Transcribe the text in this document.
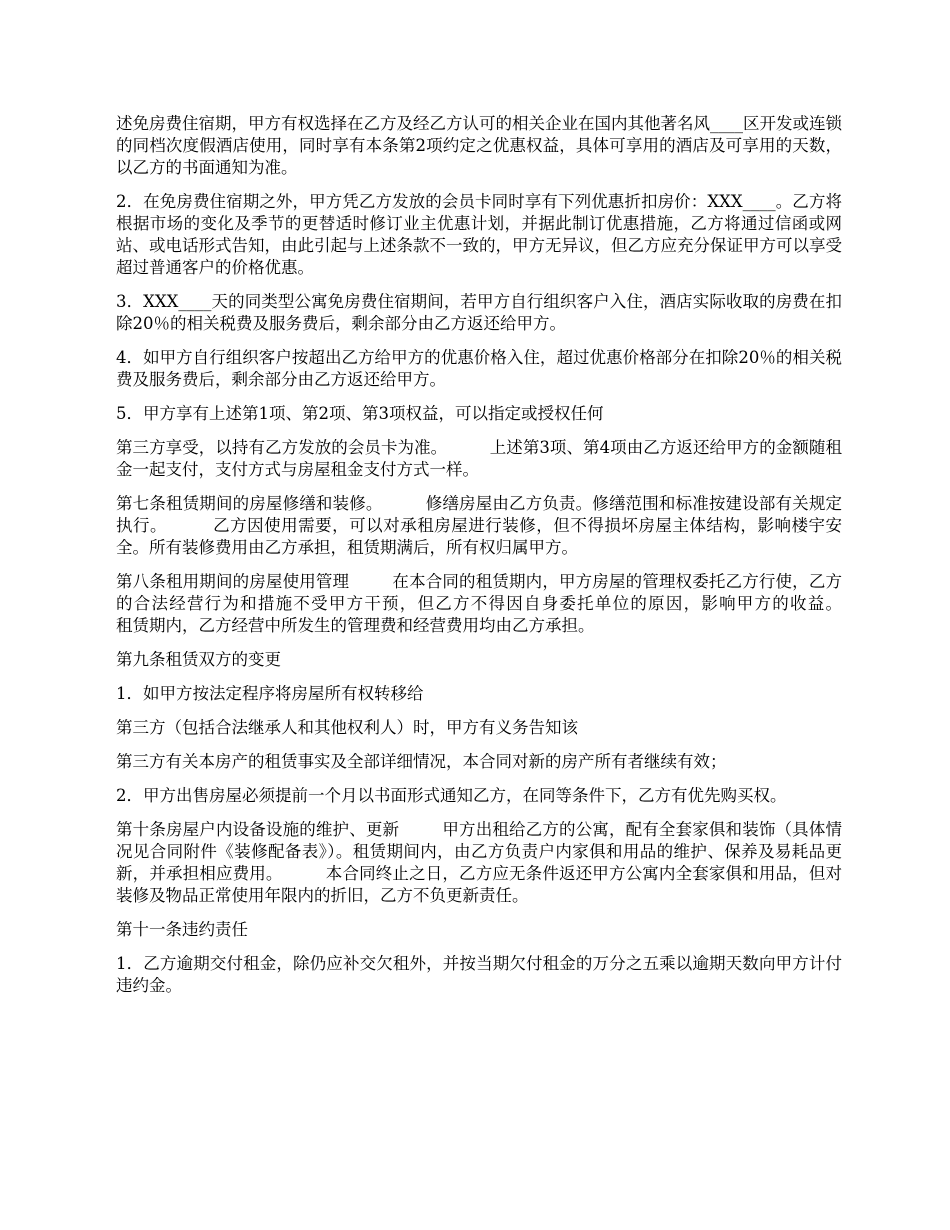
述免房费住宿期，甲方有权选择在乙方及经乙方认可的相关企业在国内其他著名风____区开发或连锁的同档次度假酒店使用，同时享有本条第2项约定之优惠权益，具体可享用的酒店及可享用的天数，以乙方的书面通知为准。

2．在免房费住宿期之外，甲方凭乙方发放的会员卡同时享有下列优惠折扣房价：XXX____。乙方将根据市场的变化及季节的更替适时修订业主优惠计划，并据此制订优惠措施，乙方将通过信函或网站、或电话形式告知，由此引起与上述条款不一致的，甲方无异议，但乙方应充分保证甲方可以享受超过普通客户的价格优惠。

3．XXX____天的同类型公寓免房费住宿期间，若甲方自行组织客户入住，酒店实际收取的房费在扣除20％的相关税费及服务费后，剩余部分由乙方返还给甲方。

4．如甲方自行组织客户按超出乙方给甲方的优惠价格入住，超过优惠价格部分在扣除20％的相关税费及服务费后，剩余部分由乙方返还给甲方。

5．甲方享有上述第1项、第2项、第3项权益，可以指定或授权任何

第三方享受，以持有乙方发放的会员卡为准。        上述第3项、第4项由乙方返还给甲方的金额随租金一起支付，支付方式与房屋租金支付方式一样。

第七条租赁期间的房屋修缮和装修。        修缮房屋由乙方负责。修缮范围和标准按建设部有关规定执行。        乙方因使用需要，可以对承租房屋进行装修，但不得损坏房屋主体结构，影响楼宇安全。所有装修费用由乙方承担，租赁期满后，所有权归属甲方。

第八条租用期间的房屋使用管理        在本合同的租赁期内，甲方房屋的管理权委托乙方行使，乙方的合法经营行为和措施不受甲方干预，但乙方不得因自身委托单位的原因，影响甲方的收益。        租赁期内，乙方经营中所发生的管理费和经营费用均由乙方承担。

第九条租赁双方的变更

1．如甲方按法定程序将房屋所有权转移给

第三方（包括合法继承人和其他权利人）时，甲方有义务告知该

第三方有关本房产的租赁事实及全部详细情况，本合同对新的房产所有者继续有效；

2．甲方出售房屋必须提前一个月以书面形式通知乙方，在同等条件下，乙方有优先购买权。

第十条房屋户内设备设施的维护、更新        甲方出租给乙方的公寓，配有全套家俱和装饰（具体情况见合同附件《装修配备表》）。租赁期间内，由乙方负责户内家俱和用品的维护、保养及易耗品更新，并承担相应费用。        本合同终止之日，乙方应无条件返还甲方公寓内全套家俱和用品，但对装修及物品正常使用年限内的折旧，乙方不负更新责任。

第十一条违约责任

1．乙方逾期交付租金，除仍应补交欠租外，并按当期欠付租金的万分之五乘以逾期天数向甲方计付违约金。
